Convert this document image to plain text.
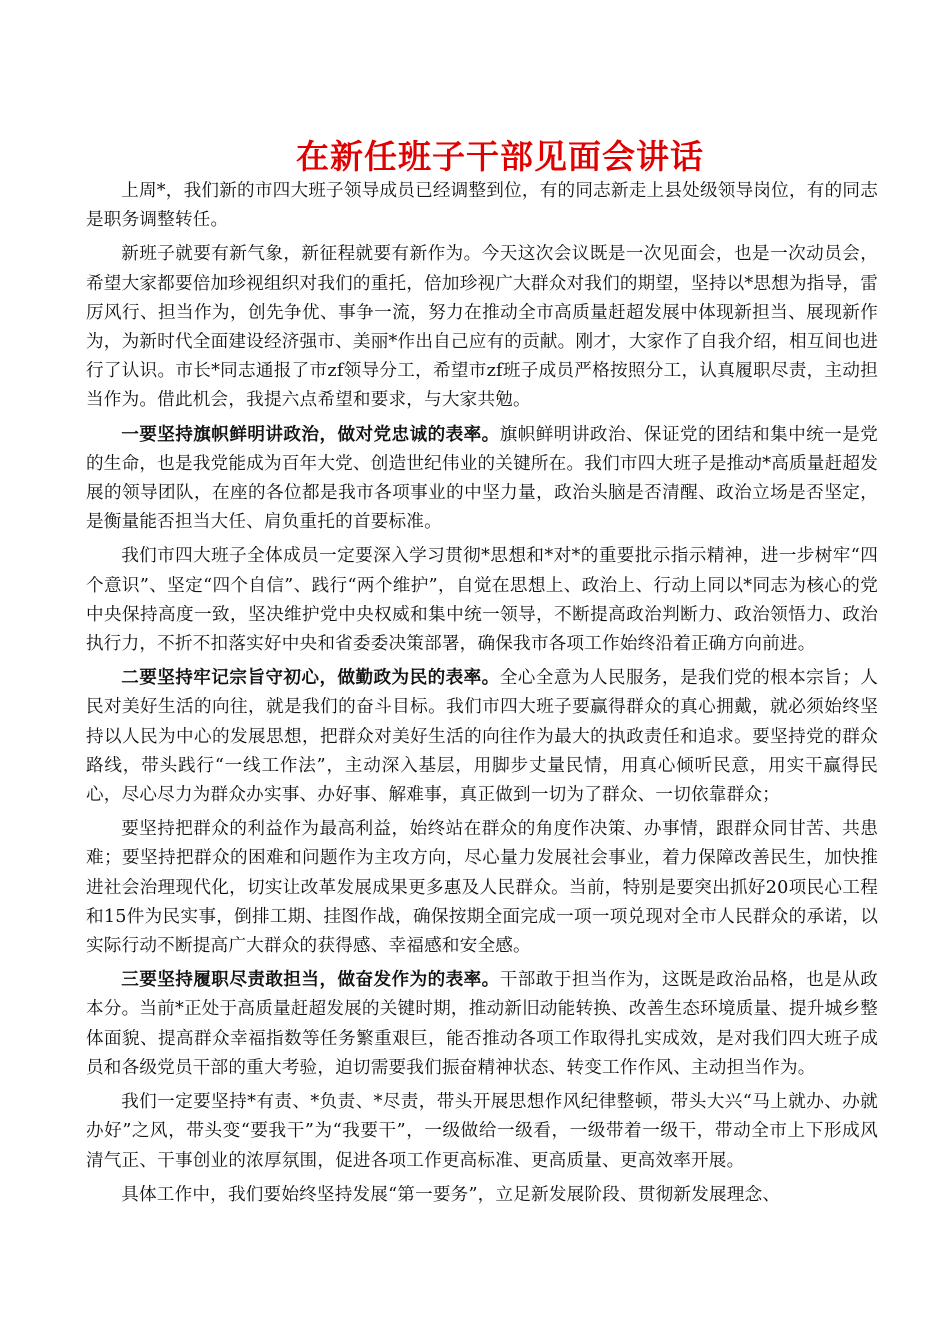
在新任班子干部见面会讲话

上周*，我们新的市四大班子领导成员已经调整到位，有的同志新走上县处级领导岗位，有的同志是职务调整转任。

新班子就要有新气象，新征程就要有新作为。今天这次会议既是一次见面会，也是一次动员会，希望大家都要倍加珍视组织对我们的重托，倍加珍视广大群众对我们的期望，坚持以*思想为指导，雷厉风行、担当作为，创先争优、事争一流，努力在推动全市高质量赶超发展中体现新担当、展现新作为，为新时代全面建设经济强市、美丽*作出自己应有的贡献。刚才，大家作了自我介绍，相互间也进行了认识。市长*同志通报了市zf领导分工，希望市zf班子成员严格按照分工，认真履职尽责，主动担当作为。借此机会，我提六点希望和要求，与大家共勉。

一要坚持旗帜鲜明讲政治，做对党忠诚的表率。旗帜鲜明讲政治、保证党的团结和集中统一是党的生命，也是我党能成为百年大党、创造世纪伟业的关键所在。我们市四大班子是推动*高质量赶超发展的领导团队，在座的各位都是我市各项事业的中坚力量，政治头脑是否清醒、政治立场是否坚定，是衡量能否担当大任、肩负重托的首要标准。

我们市四大班子全体成员一定要深入学习贯彻*思想和*对*的重要批示指示精神，进一步树牢“四个意识”、坚定“四个自信”、践行“两个维护”，自觉在思想上、政治上、行动上同以*同志为核心的党中央保持高度一致，坚决维护党中央权威和集中统一领导，不断提高政治判断力、政治领悟力、政治执行力，不折不扣落实好中央和省委委决策部署，确保我市各项工作始终沿着正确方向前进。

二要坚持牢记宗旨守初心，做勤政为民的表率。全心全意为人民服务，是我们党的根本宗旨；人民对美好生活的向往，就是我们的奋斗目标。我们市四大班子要赢得群众的真心拥戴，就必须始终坚持以人民为中心的发展思想，把群众对美好生活的向往作为最大的执政责任和追求。要坚持党的群众路线，带头践行“一线工作法”，主动深入基层，用脚步丈量民情，用真心倾听民意，用实干赢得民心，尽心尽力为群众办实事、办好事、解难事，真正做到一切为了群众、一切依靠群众；

要坚持把群众的利益作为最高利益，始终站在群众的角度作决策、办事情，跟群众同甘苦、共患难；要坚持把群众的困难和问题作为主攻方向，尽心量力发展社会事业，着力保障改善民生，加快推进社会治理现代化，切实让改革发展成果更多惠及人民群众。当前，特别是要突出抓好20项民心工程和15件为民实事，倒排工期、挂图作战，确保按期全面完成一项一项兑现对全市人民群众的承诺，以实际行动不断提高广大群众的获得感、幸福感和安全感。

三要坚持履职尽责敢担当，做奋发作为的表率。干部敢于担当作为，这既是政治品格，也是从政本分。当前*正处于高质量赶超发展的关键时期，推动新旧动能转换、改善生态环境质量、提升城乡整体面貌、提高群众幸福指数等任务繁重艰巨，能否推动各项工作取得扎实成效，是对我们四大班子成员和各级党员干部的重大考验，迫切需要我们振奋精神状态、转变工作作风、主动担当作为。

我们一定要坚持*有责、*负责、*尽责，带头开展思想作风纪律整顿，带头大兴“马上就办、办就办好”之风，带头变“要我干”为“我要干”，一级做给一级看，一级带着一级干，带动全市上下形成风清气正、干事创业的浓厚氛围，促进各项工作更高标准、更高质量、更高效率开展。

具体工作中，我们要始终坚持发展“第一要务”，立足新发展阶段、贯彻新发展理念、
